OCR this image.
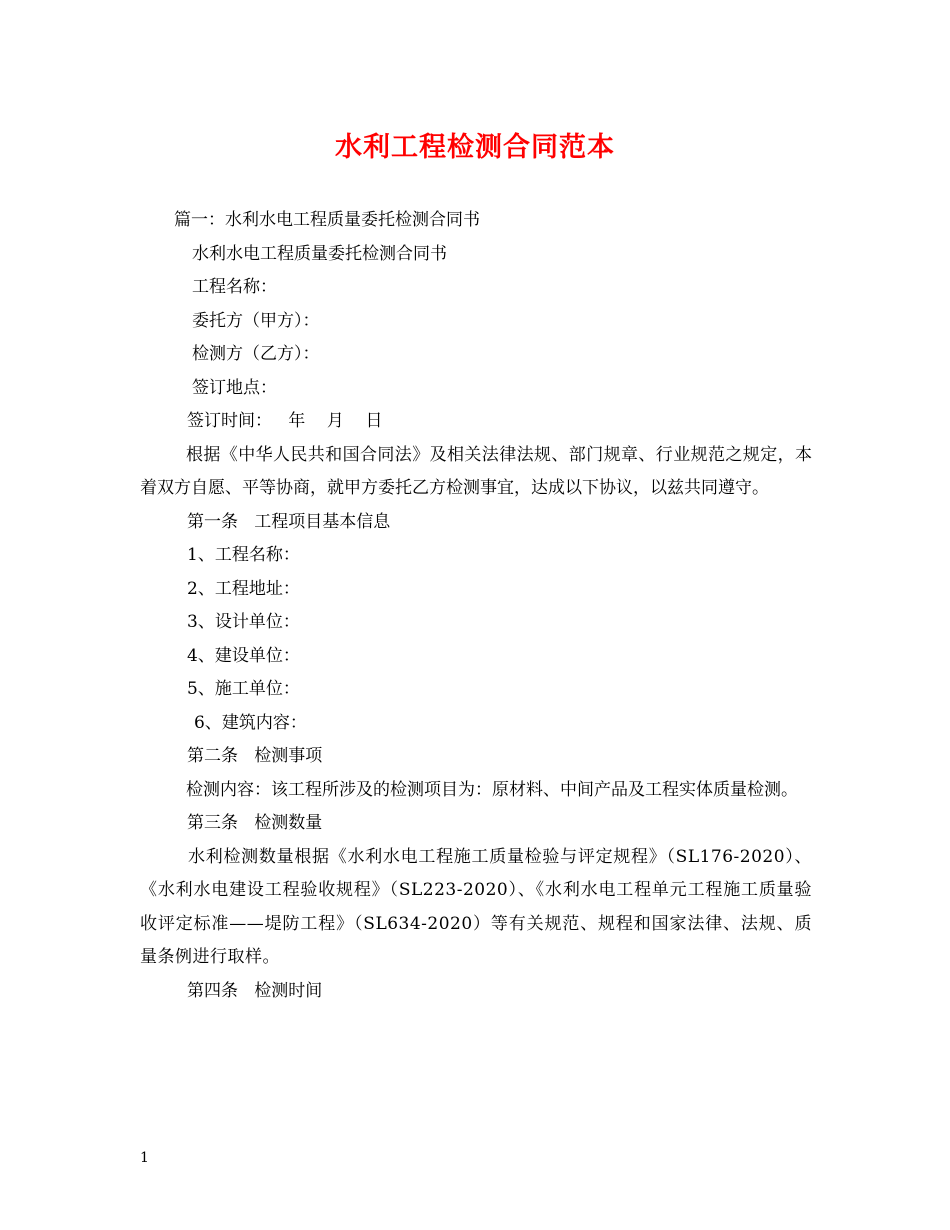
水利工程检测合同范本

篇一：水利水电工程质量委托检测合同书

水利水电工程质量委托检测合同书

工程名称：

委托方（甲方）：

检测方（乙方）：

签订地点：

签订时间：   年    月    日

根据《中华人民共和国合同法》及相关法律法规、部门规章、行业规范之规定，本着双方自愿、平等协商，就甲方委托乙方检测事宜，达成以下协议，以兹共同遵守。

第一条   工程项目基本信息

1、工程名称：

2、工程地址：

3、设计单位：

4、建设单位：

5、施工单位：

6、建筑内容：

第二条   检测事项

检测内容：该工程所涉及的检测项目为：原材料、中间产品及工程实体质量检测。

第三条   检测数量

水利检测数量根据《水利水电工程施工质量检验与评定规程》（SL176-2020）、《水利水电建设工程验收规程》（SL223-2020）、《水利水电工程单元工程施工质量验收评定标准——堤防工程》（SL634-2020）等有关规范、规程和国家法律、法规、质量条例进行取样。

第四条   检测时间

1
